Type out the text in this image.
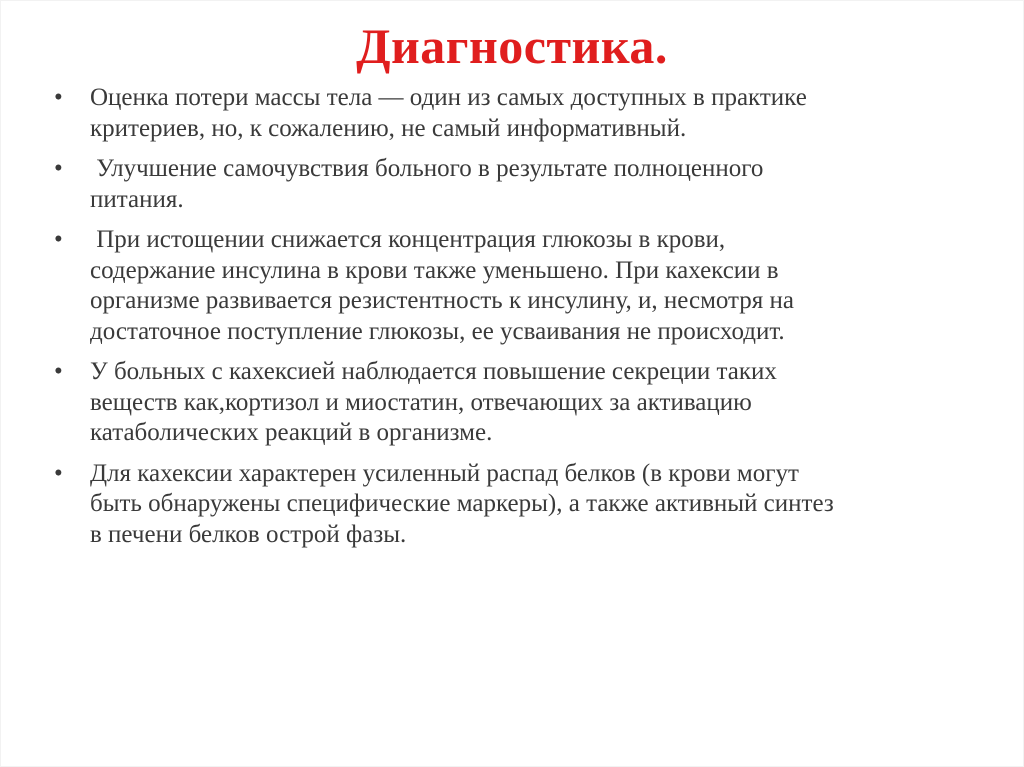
Диагностика.
•	Оценка потери массы тела — один из самых доступных в практике
критериев, но, к сожалению, не самый информативный.
•	Улучшение самочувствия больного в результате полноценного
питания.
•	При истощении снижается концентрация глюкозы в крови,
содержание инсулина в крови также уменьшено. При кахексии в
организме развивается резистентность к инсулину, и, несмотря на
достаточное поступление глюкозы, ее усваивания не происходит.
•	У больных с кахексией наблюдается повышение секреции таких
веществ как,кортизол и миостатин, отвечающих за активацию
катаболических реакций в организме.
•	Для кахексии характерен усиленный распад белков (в крови могут
быть обнаружены специфические маркеры), а также активный синтез
в печени белков острой фазы.
